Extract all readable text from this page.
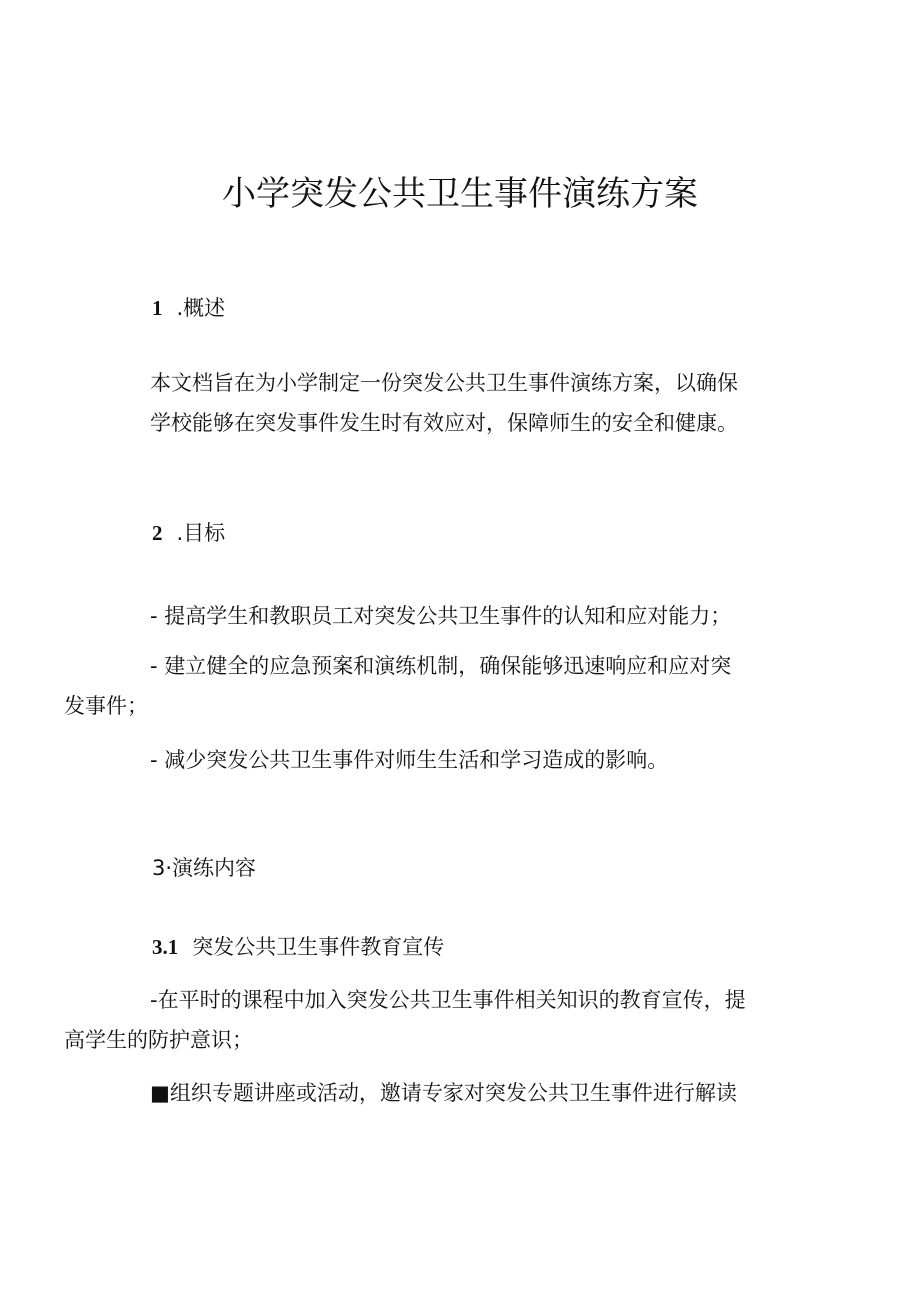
小学突发公共卫生事件演练方案
1 .概述
本文档旨在为小学制定一份突发公共卫生事件演练方案，以确保
学校能够在突发事件发生时有效应对，保障师生的安全和健康。
2 .目标
- 提高学生和教职员工对突发公共卫生事件的认知和应对能力；
- 建立健全的应急预案和演练机制，确保能够迅速响应和应对突
发事件；
- 减少突发公共卫生事件对师生生活和学习造成的影响。
3·演练内容
3.1 突发公共卫生事件教育宣传
-在平时的课程中加入突发公共卫生事件相关知识的教育宣传，提
高学生的防护意识；
■组织专题讲座或活动，邀请专家对突发公共卫生事件进行解读
